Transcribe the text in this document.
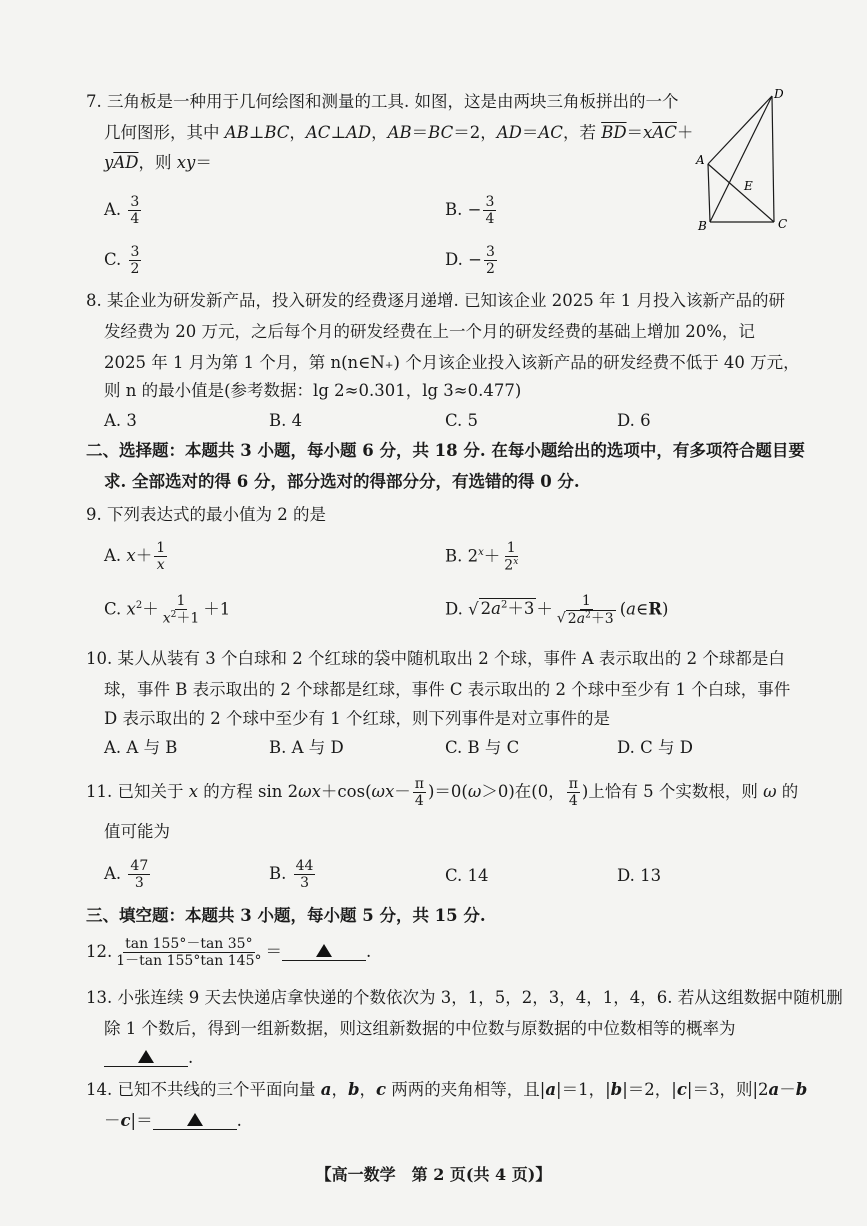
7. 三角板是一种用于几何绘图和测量的工具. 如图，这是由两块三角板拼出的一个
几何图形，其中 AB⊥BC，AC⊥AD，AB＝BC＝2，AD＝AC，若 $\overline{BD}=x\overline{AC}+$
$y\overline{AD}$，则 xy＝
A. $\frac{3}{4}$	B. − $\frac{3}{4}$
C. $\frac{3}{2}$	D. − $\frac{3}{2}$
D
A
E
B	C
8. 某企业为研发新产品，投入研发的经费逐月递增. 已知该企业 2025 年 1 月投入该新产品的研
发经费为 20 万元，之后每个月的研发经费在上一个月的研发经费的基础上增加 20%，记
2025 年 1 月为第 1 个月，第 n(n∈N₊) 个月该企业投入该新产品的研发经费不低于 40 万元，
则 n 的最小值是(参考数据：lg 2≈0.301，lg 3≈0.477)
A. 3	B. 4	C. 5	D. 6
二、选择题：本题共 3 小题，每小题 6 分，共 18 分. 在每小题给出的选项中，有多项符合题目要
求. 全部选对的得 6 分，部分选对的得部分分，有选错的得 0 分.
9. 下列表达式的最小值为 2 的是
A. $x+ \frac{1}{x}$	B. $2^x+ \frac{1}{2^x}$
C. $x^2+ \frac{1}{x^2+1} +1$	D. √ $2a^2+3 + \frac{1}{√ 2a^2+3}$ (a∈R)
10. 某人从装有 3 个白球和 2 个红球的袋中随机取出 2 个球，事件 A 表示取出的 2 个球都是白
球，事件 B 表示取出的 2 个球都是红球，事件 C 表示取出的 2 个球中至少有 1 个白球，事件
D 表示取出的 2 个球中至少有 1 个红球，则下列事件是对立事件的是
A. A 与 B	B. A 与 D	C. B 与 C	D. C 与 D
11. 已知关于 x 的方程 $\sin 2\omega x+\cos(\omega x- \frac{\pi}{4} )=0(\omega>0)$在(0， $\frac{\pi}{4}$ )上恰有 5 个实数根，则 ω 的
值可能为
A. $\frac{47}{3}$	B. $\frac{44}{3}$	C. 14	D. 13
三、填空题：本题共 3 小题，每小题 5 分，共 15 分.
12. $\frac{\tan 155^\circ-\tan 35^\circ}{1-\tan 155^\circ\tan 145^\circ}$ ＝	.
13. 小张连续 9 天去快递店拿快递的个数依次为 3，1，5，2，3，4，1，4，6. 若从这组数据中随机删
除 1 个数后，得到一组新数据，则这组新数据的中位数与原数据的中位数相等的概率为
.
14. 已知不共线的三个平面向量 a，b，c 两两的夹角相等，且|a|＝1，|b|＝2，|c|＝3，则|2a－b
－c|＝	.
【高一数学　第 2 页(共 4 页)】
